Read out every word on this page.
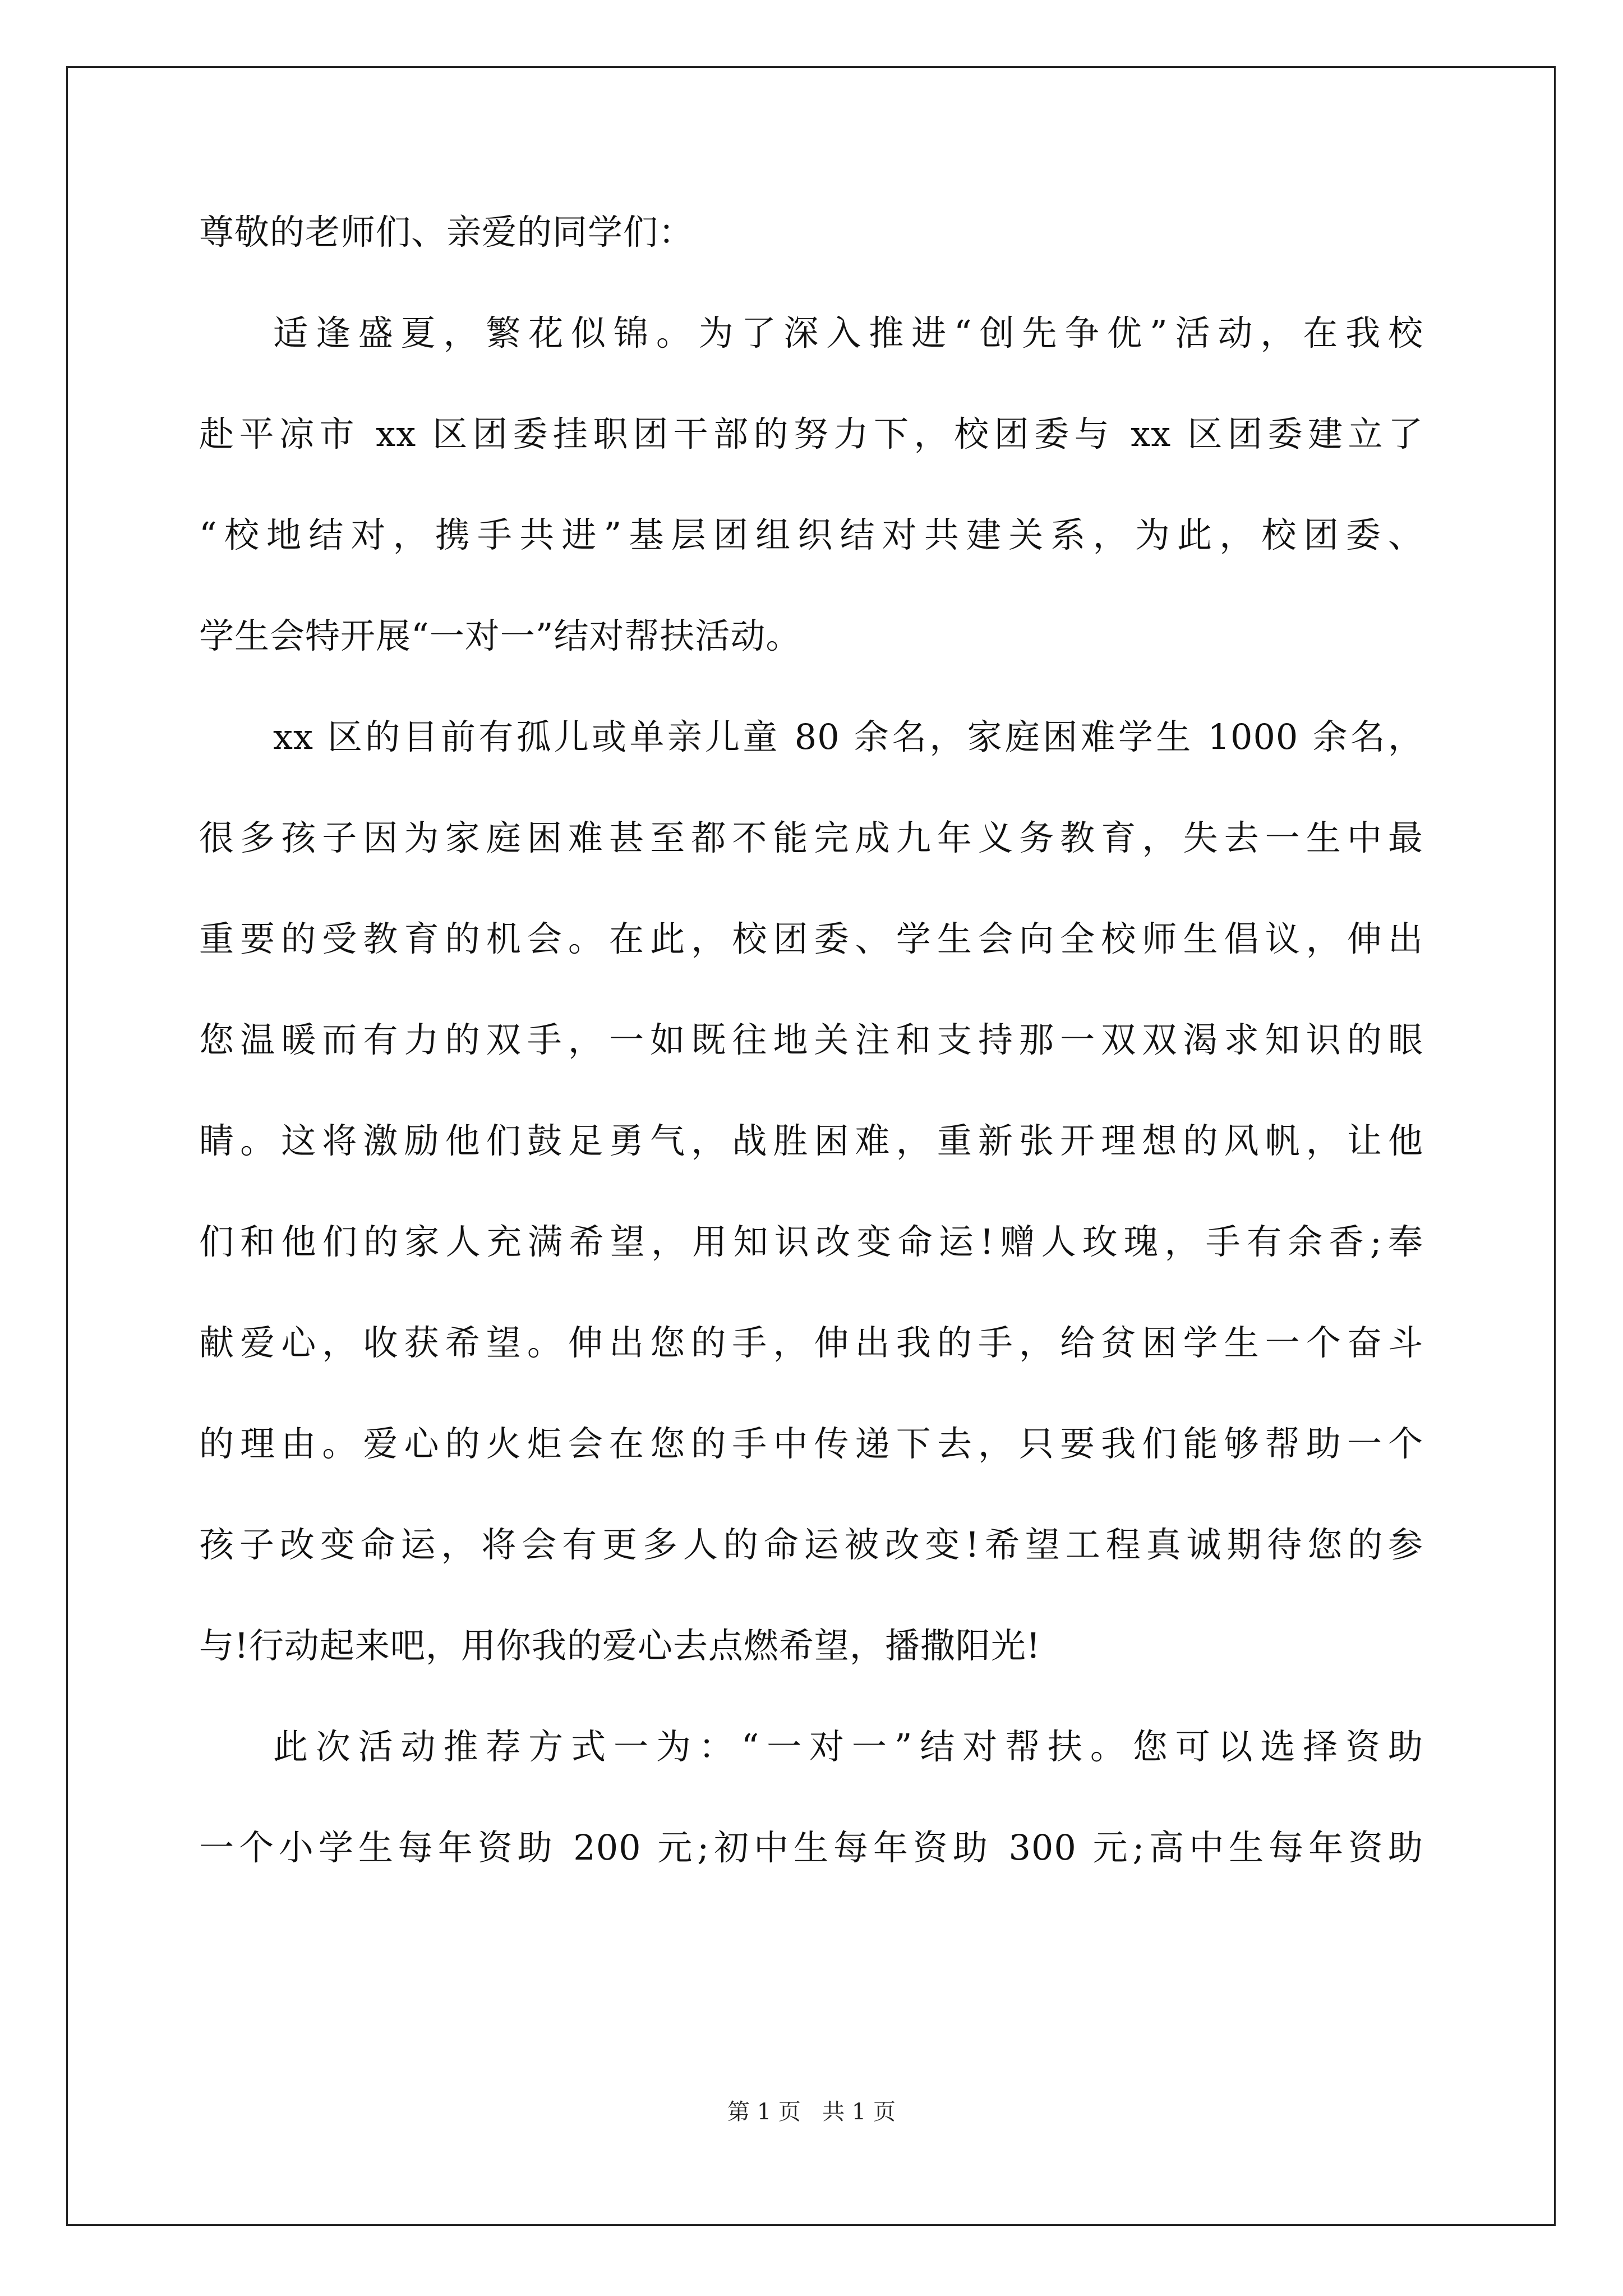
尊敬的老师们、亲爱的同学们：
适逢盛夏，繁花似锦。为了深入推进“创先争优”活动，在我校
赴平凉市 xx 区团委挂职团干部的努力下，校团委与 xx 区团委建立了
“校地结对，携手共进”基层团组织结对共建关系，为此，校团委、
学生会特开展“一对一”结对帮扶活动。
xx 区的目前有孤儿或单亲儿童 80 余名，家庭困难学生 1000 余名，
很多孩子因为家庭困难甚至都不能完成九年义务教育，失去一生中最
重要的受教育的机会。在此，校团委、学生会向全校师生倡议，伸出
您温暖而有力的双手，一如既往地关注和支持那一双双渴求知识的眼
睛。这将激励他们鼓足勇气，战胜困难，重新张开理想的风帆，让他
们和他们的家人充满希望，用知识改变命运!赠人玫瑰，手有余香;奉
献爱心，收获希望。伸出您的手，伸出我的手，给贫困学生一个奋斗
的理由。爱心的火炬会在您的手中传递下去，只要我们能够帮助一个
孩子改变命运，将会有更多人的命运被改变!希望工程真诚期待您的参
与!行动起来吧，用你我的爱心去点燃希望，播撒阳光!
此次活动推荐方式一为：“一对一”结对帮扶。您可以选择资助
一个小学生每年资助 200 元;初中生每年资助 300 元;高中生每年资助
第 1 页   共 1 页
